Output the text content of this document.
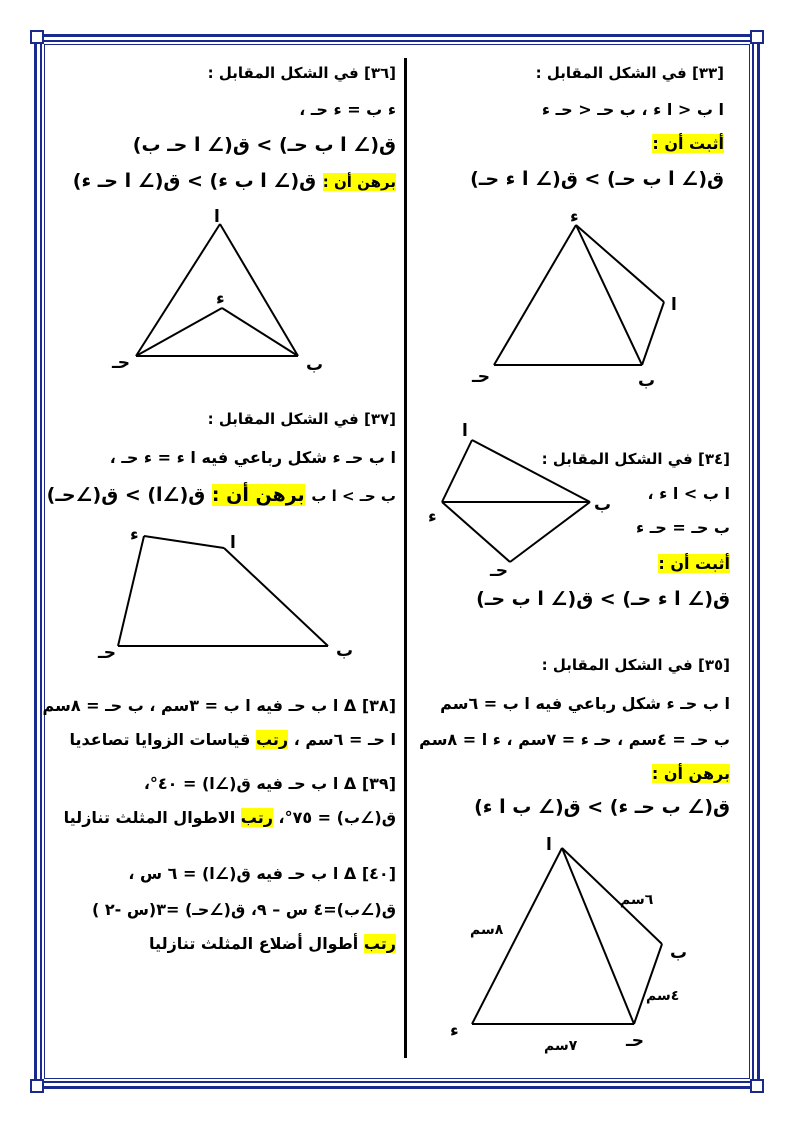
[٣٣] في الشكل المقابل :
ا ب < ا ء ، ب حـ < حـ ء
أثبت أن :
ق(∠ ا ب حـ) > ق(∠ ا ء حـ)
ء
ا
ب
حـ
ا
ب
ء
حـ
[٣٤] في الشكل المقابل :
ا ب > ا ء ،
ب حـ = حـ ء
أثبت أن :
ق(∠ ا ء حـ) > ق(∠ ا ب حـ)
[٣٥] في الشكل المقابل :
ا ب حـ ء شكل رباعي فيه ا ب = ٦سم
ب حـ = ٤سم ، حـ ء = ٧سم ، ء ا = ٨سم
برهن أن :
ق(∠ ب حـ ء) > ق(∠ ب ا ء)
ا
ب
حـ
ء
٦سم
٨سم
٤سم
٧سم
[٣٦] في الشكل المقابل :
ء ب = ء حـ ،
ق(∠ ا ب حـ) > ق(∠ ا حـ ب)
برهن أن : ق(∠ ا ب ء) > ق(∠ ا حـ ء)
ا
ء
ب
حـ
[٣٧] في الشكل المقابل :
ا ب حـ ء شكل رباعي فيه ا ء = ء حـ ،
ب حـ > ا ب برهن أن : ق(∠ا) > ق(∠حـ)
ء	ا
ب
حـ
[٣٨] Δ ا ب حـ فيه ا ب = ٣سم ، ب حـ = ٨سم
ا حـ = ٦سم ، رتب قياسات الزوايا تصاعديا
[٣٩] Δ ا ب حـ فيه ق(∠ا) = ٤٠°،
ق(∠ب) = ٧٥°، رتب الاطوال المثلث تنازليا
[٤٠] Δ ا ب حـ فيه ق(∠ا) = ٦ س ،
ق(∠ب)=٤ س – ٩، ق(∠حـ) =٣(س -٢ )
رتب أطوال أضلاع المثلث تنازليا
